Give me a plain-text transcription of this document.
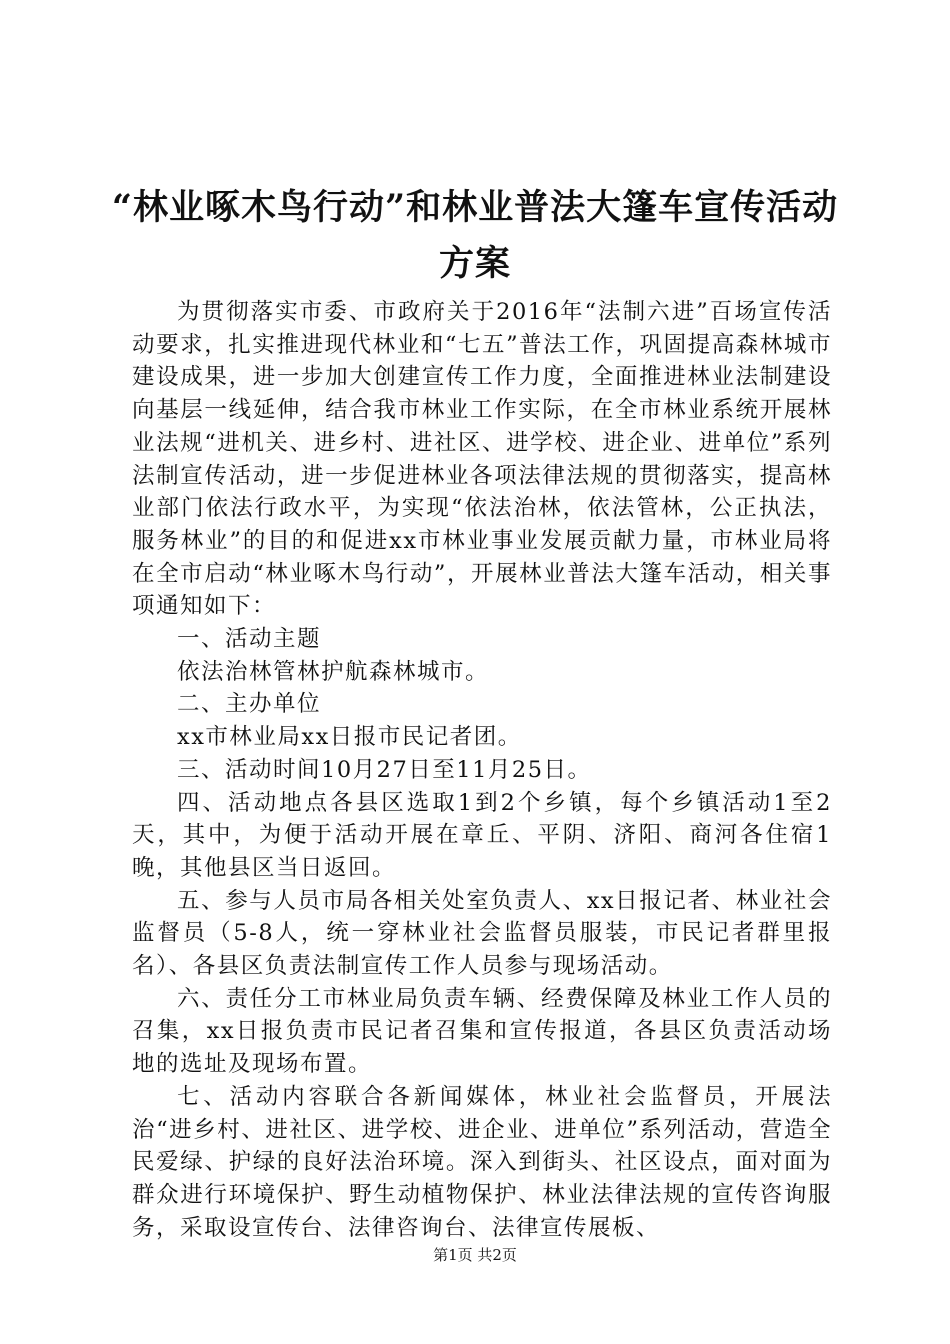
“林业啄木鸟行动”和林业普法大篷车宣传活动方案

为贯彻落实市委、市政府关于2016年“法制六进”百场宣传活动要求，扎实推进现代林业和“七五”普法工作，巩固提高森林城市建设成果，进一步加大创建宣传工作力度，全面推进林业法制建设向基层一线延伸，结合我市林业工作实际，在全市林业系统开展林业法规“进机关、进乡村、进社区、进学校、进企业、进单位”系列法制宣传活动，进一步促进林业各项法律法规的贯彻落实，提高林业部门依法行政水平，为实现“依法治林，依法管林，公正执法，服务林业”的目的和促进xx市林业事业发展贡献力量，市林业局将在全市启动“林业啄木鸟行动”，开展林业普法大篷车活动，相关事项通知如下：

一、活动主题

依法治林管林护航森林城市。

二、主办单位

xx市林业局xx日报市民记者团。

三、活动时间10月27日至11月25日。

四、活动地点各县区选取1到2个乡镇，每个乡镇活动1至2天，其中，为便于活动开展在章丘、平阴、济阳、商河各住宿1晚，其他县区当日返回。

五、参与人员市局各相关处室负责人、xx日报记者、林业社会监督员（5-8人，统一穿林业社会监督员服装，市民记者群里报名）、各县区负责法制宣传工作人员参与现场活动。

六、责任分工市林业局负责车辆、经费保障及林业工作人员的召集，xx日报负责市民记者召集和宣传报道，各县区负责活动场地的选址及现场布置。

七、活动内容联合各新闻媒体，林业社会监督员，开展法治“进乡村、进社区、进学校、进企业、进单位”系列活动，营造全民爱绿、护绿的良好法治环境。深入到街头、社区设点，面对面为群众进行环境保护、野生动植物保护、林业法律法规的宣传咨询服务，采取设宣传台、法律咨询台、法律宣传展板、

第1页 共2页
